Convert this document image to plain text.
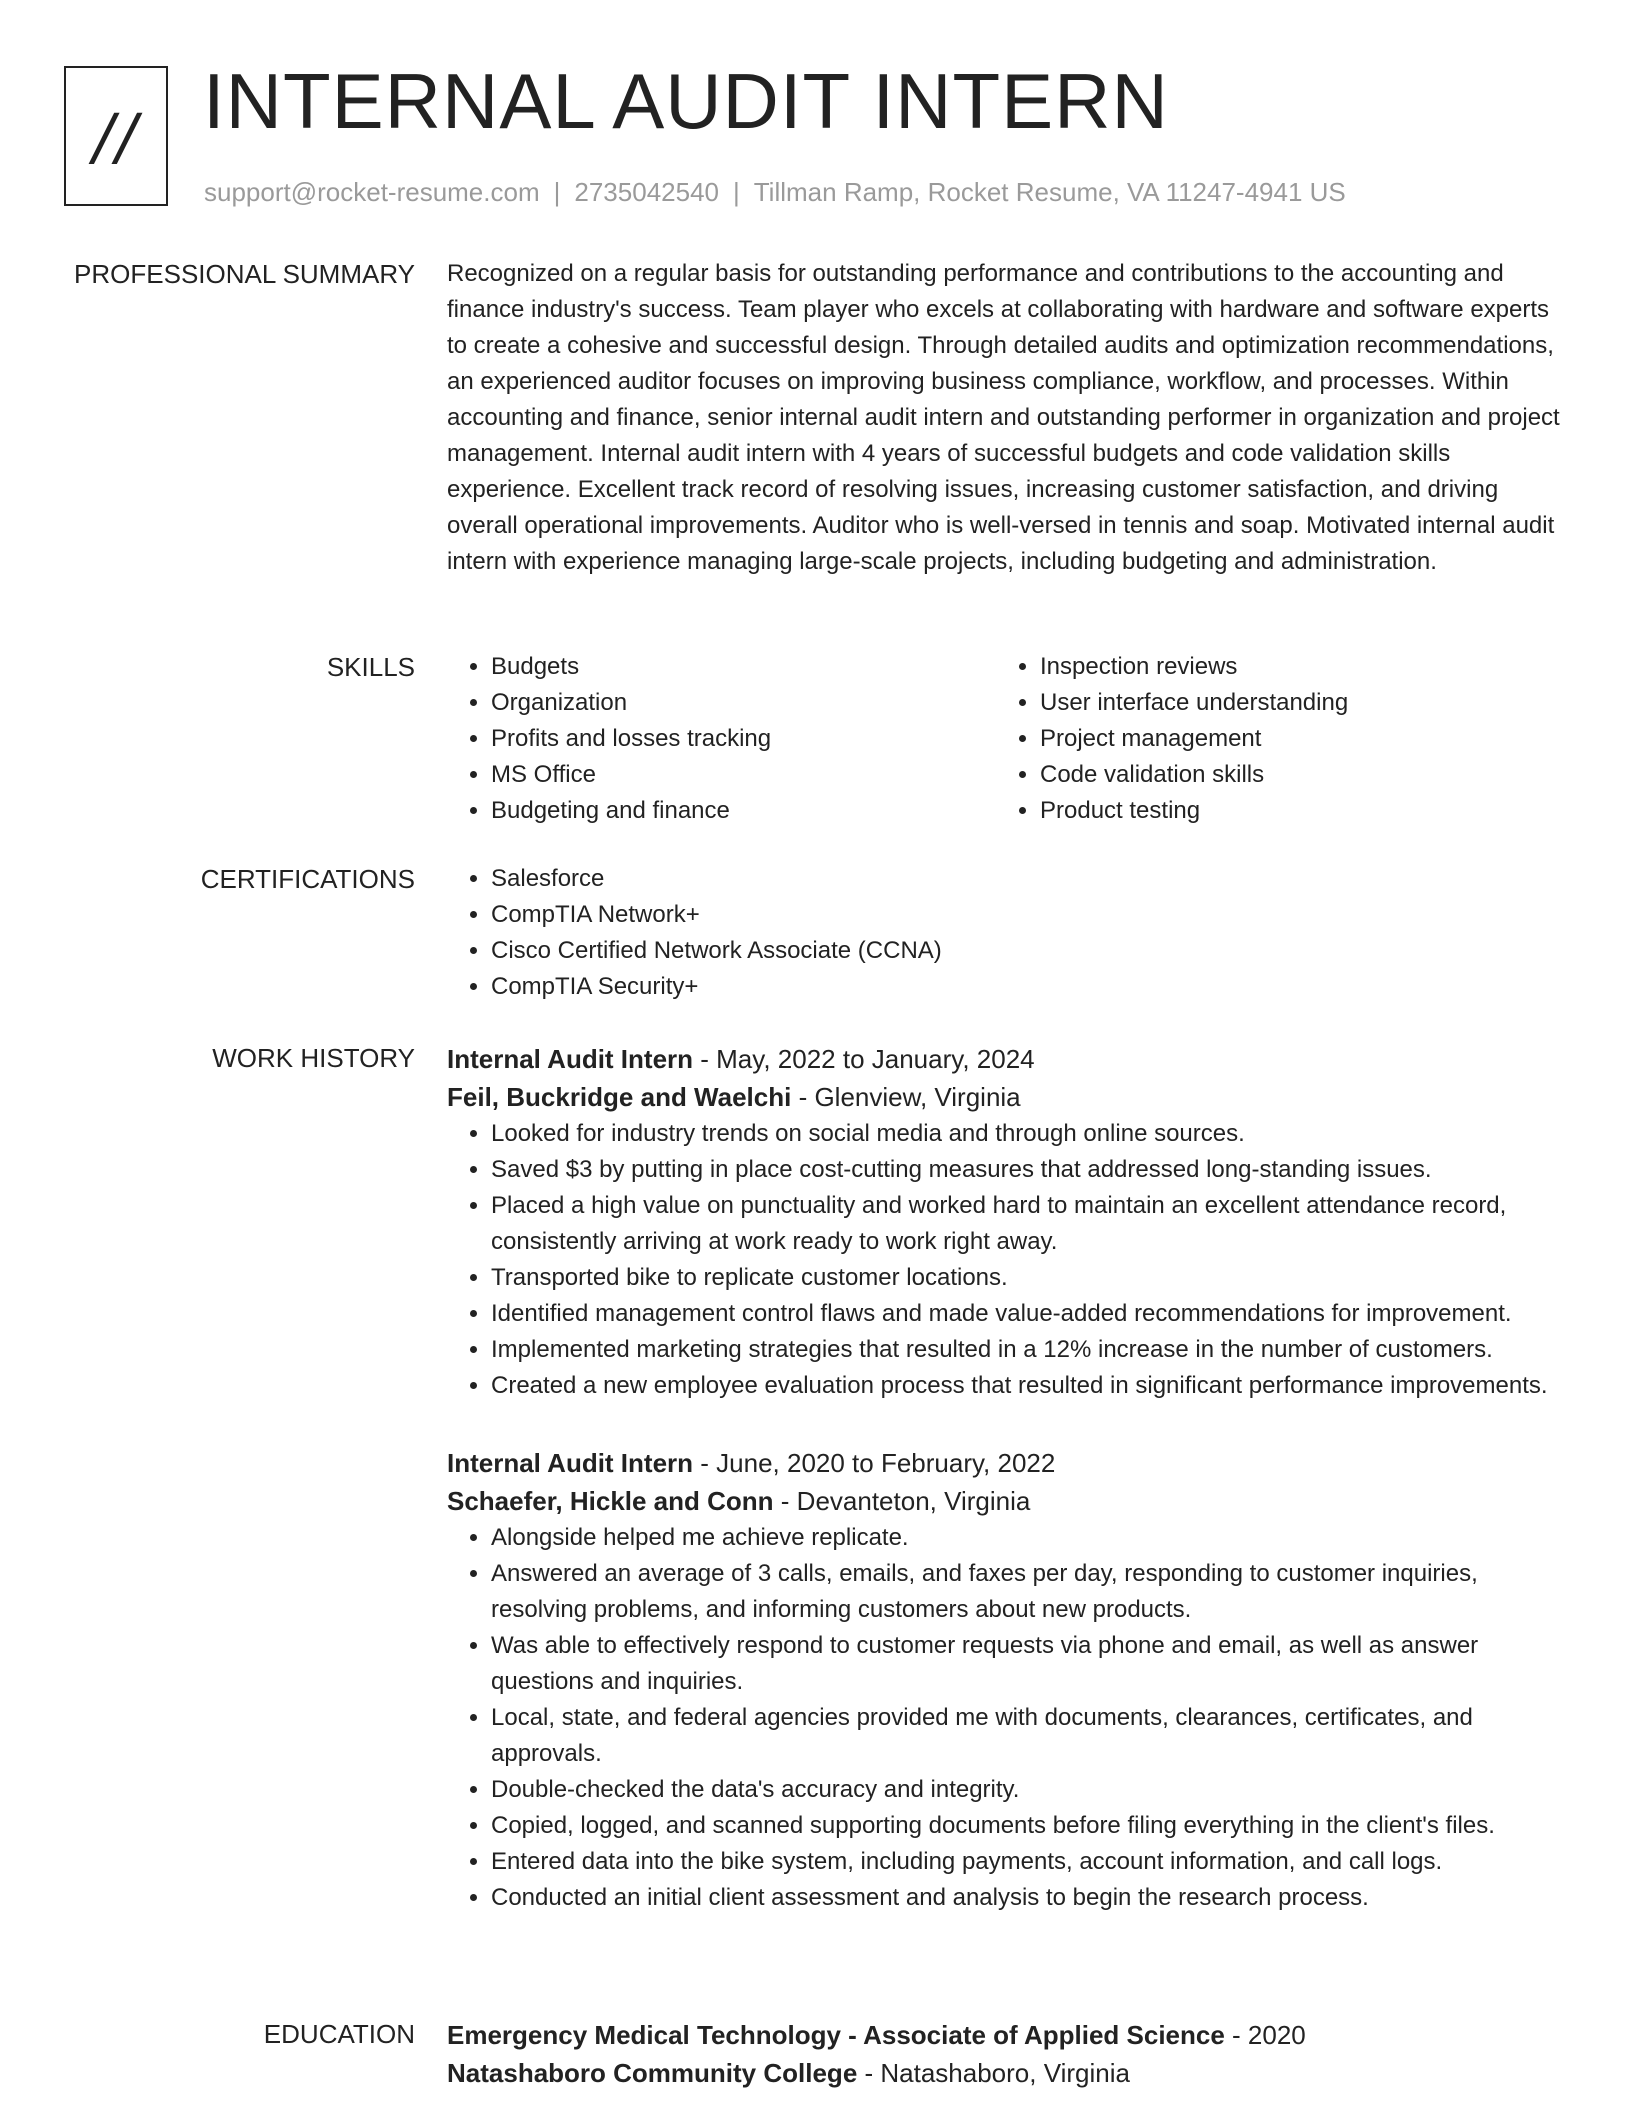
// INTERNAL AUDIT INTERN
support@rocket-resume.com | 2735042540 | Tillman Ramp, Rocket Resume, VA 11247-4941 US
PROFESSIONAL SUMMARY Recognized on a regular basis for outstanding performance and contributions to the accounting and finance industry's success. Team player who excels at collaborating with hardware and software experts to create a cohesive and successful design. Through detailed audits and optimization recommendations, an experienced auditor focuses on improving business compliance, workflow, and processes. Within accounting and finance, senior internal audit intern and outstanding performer in organization and project management. Internal audit intern with 4 years of successful budgets and code validation skills experience. Excellent track record of resolving issues, increasing customer satisfaction, and driving overall operational improvements. Auditor who is well-versed in tennis and soap. Motivated internal audit intern with experience managing large-scale projects, including budgeting and administration.

SKILLS	• Budgets
• Organization
• Profits and losses tracking
• MS Office
• Budgeting and finance
• Inspection reviews
• User interface understanding
• Project management
• Code validation skills
• Product testing
CERTIFICATIONS	• Salesforce
• CompTIA Network+
• Cisco Certified Network Associate (CCNA)
• CompTIA Security+
WORK HISTORY Internal Audit Intern - May, 2022 to January, 2024

Feil, Buckridge and Waelchi - Glenview, Virginia

• Looked for industry trends on social media and through online sources.
• Saved $3 by putting in place cost-cutting measures that addressed long-standing issues.
• Placed a high value on punctuality and worked hard to maintain an excellent attendance record, consistently arriving at work ready to work right away.
• Transported bike to replicate customer locations.
• Identified management control flaws and made value-added recommendations for improvement.
• Implemented marketing strategies that resulted in a 12% increase in the number of customers.
• Created a new employee evaluation process that resulted in significant performance improvements.

Internal Audit Intern - June, 2020 to February, 2022

Schaefer, Hickle and Conn - Devanteton, Virginia

• Alongside helped me achieve replicate.
• Answered an average of 3 calls, emails, and faxes per day, responding to customer inquiries, resolving problems, and informing customers about new products.
• Was able to effectively respond to customer requests via phone and email, as well as answer questions and inquiries.
• Local, state, and federal agencies provided me with documents, clearances, certificates, and approvals.
• Double-checked the data's accuracy and integrity.
• Copied, logged, and scanned supporting documents before filing everything in the client's files.
• Entered data into the bike system, including payments, account information, and call logs.
• Conducted an initial client assessment and analysis to begin the research process.
EDUCATION Emergency Medical Technology - Associate of Applied Science - 2020

Natashaboro Community College - Natashaboro, Virginia
